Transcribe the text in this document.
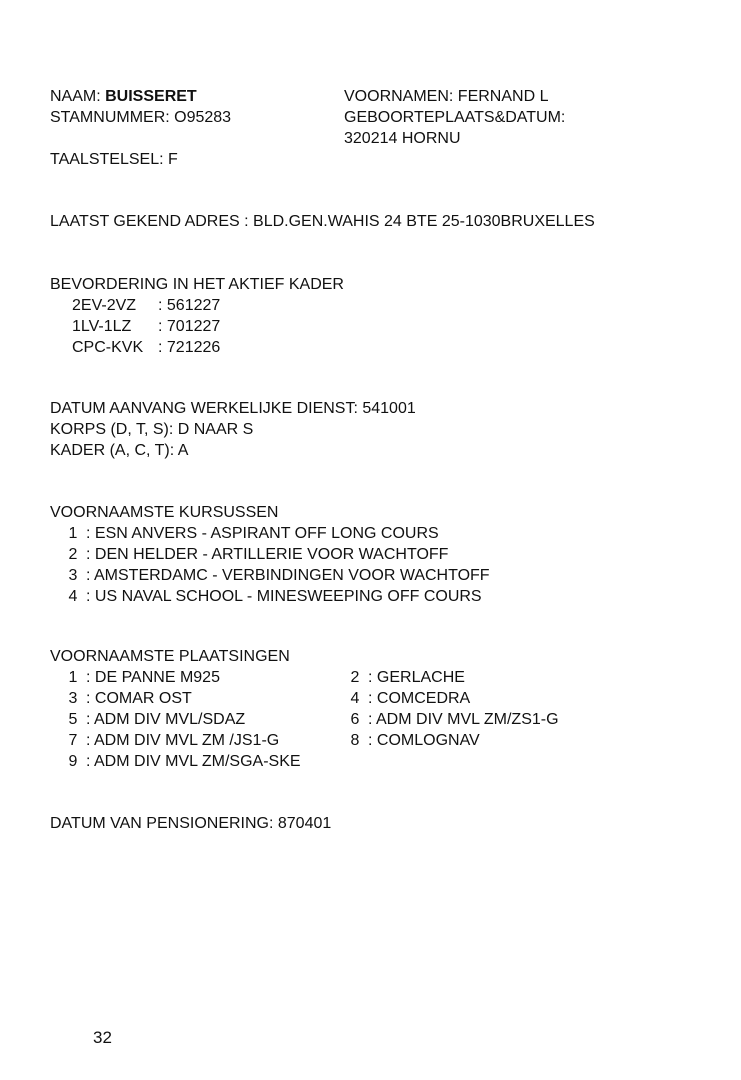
NAAM: BUISSERET
STAMNUMMER: O95283
TAALSTELSEL: F
VOORNAMEN: FERNAND L
GEBOORTEPLAATS&DATUM:
320214 HORNU
LAATST GEKEND ADRES : BLD.GEN.WAHIS 24 BTE 25-1030BRUXELLES
BEVORDERING IN HET AKTIEF KADER
2EV-2VZ : 561227
1LV-1LZ : 701227
CPC-KVK : 721226
DATUM AANVANG WERKELIJKE DIENST: 541001
KORPS (D, T, S): D NAAR S
KADER (A, C, T): A
VOORNAAMSTE KURSUSSEN
1 : ESN ANVERS - ASPIRANT OFF LONG COURS
2 : DEN HELDER - ARTILLERIE VOOR WACHTOFF
3 : AMSTERDAMC - VERBINDINGEN VOOR WACHTOFF
4 : US NAVAL SCHOOL - MINESWEEPING OFF COURS
VOORNAAMSTE PLAATSINGEN
1 : DE PANNE M925	2 : GERLACHE
3 : COMAR OST	4 : COMCEDRA
5 : ADM DIV MVL/SDAZ	6 : ADM DIV MVL ZM/ZS1-G
7 : ADM DIV MVL ZM /JS1-G	8 : COMLOGNAV
9 : ADM DIV MVL ZM/SGA-SKE
DATUM VAN PENSIONERING: 870401
32
